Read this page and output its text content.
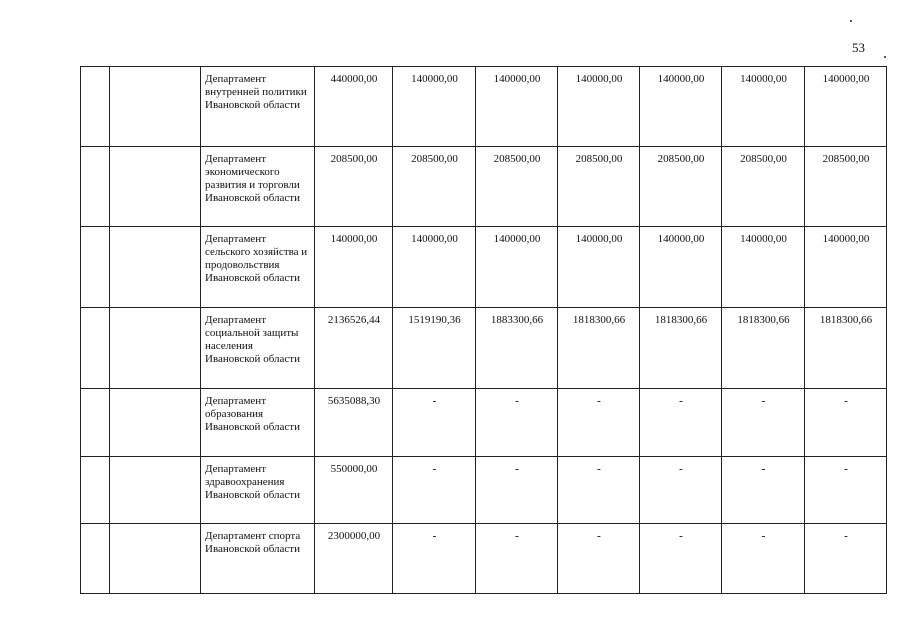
53
		Департамент внутренней политики Ивановской области	440000,00	140000,00	140000,00	140000,00	140000,00	140000,00	140000,00
		Департамент экономического развития и торговли Ивановской области	208500,00	208500,00	208500,00	208500,00	208500,00	208500,00	208500,00
		Департамент сельского хозяйства и продовольствия Ивановской области	140000,00	140000,00	140000,00	140000,00	140000,00	140000,00	140000,00
		Департамент социальной защиты населения Ивановской области	2136526,44	1519190,36	1883300,66	1818300,66	1818300,66	1818300,66	1818300,66
		Департамент образования Ивановской области	5635088,30	-	-	-	-	-	-
		Департамент здравоохранения Ивановской области	550000,00	-	-	-	-	-	-
		Департамент спорта Ивановской области	2300000,00	-	-	-	-	-	-
